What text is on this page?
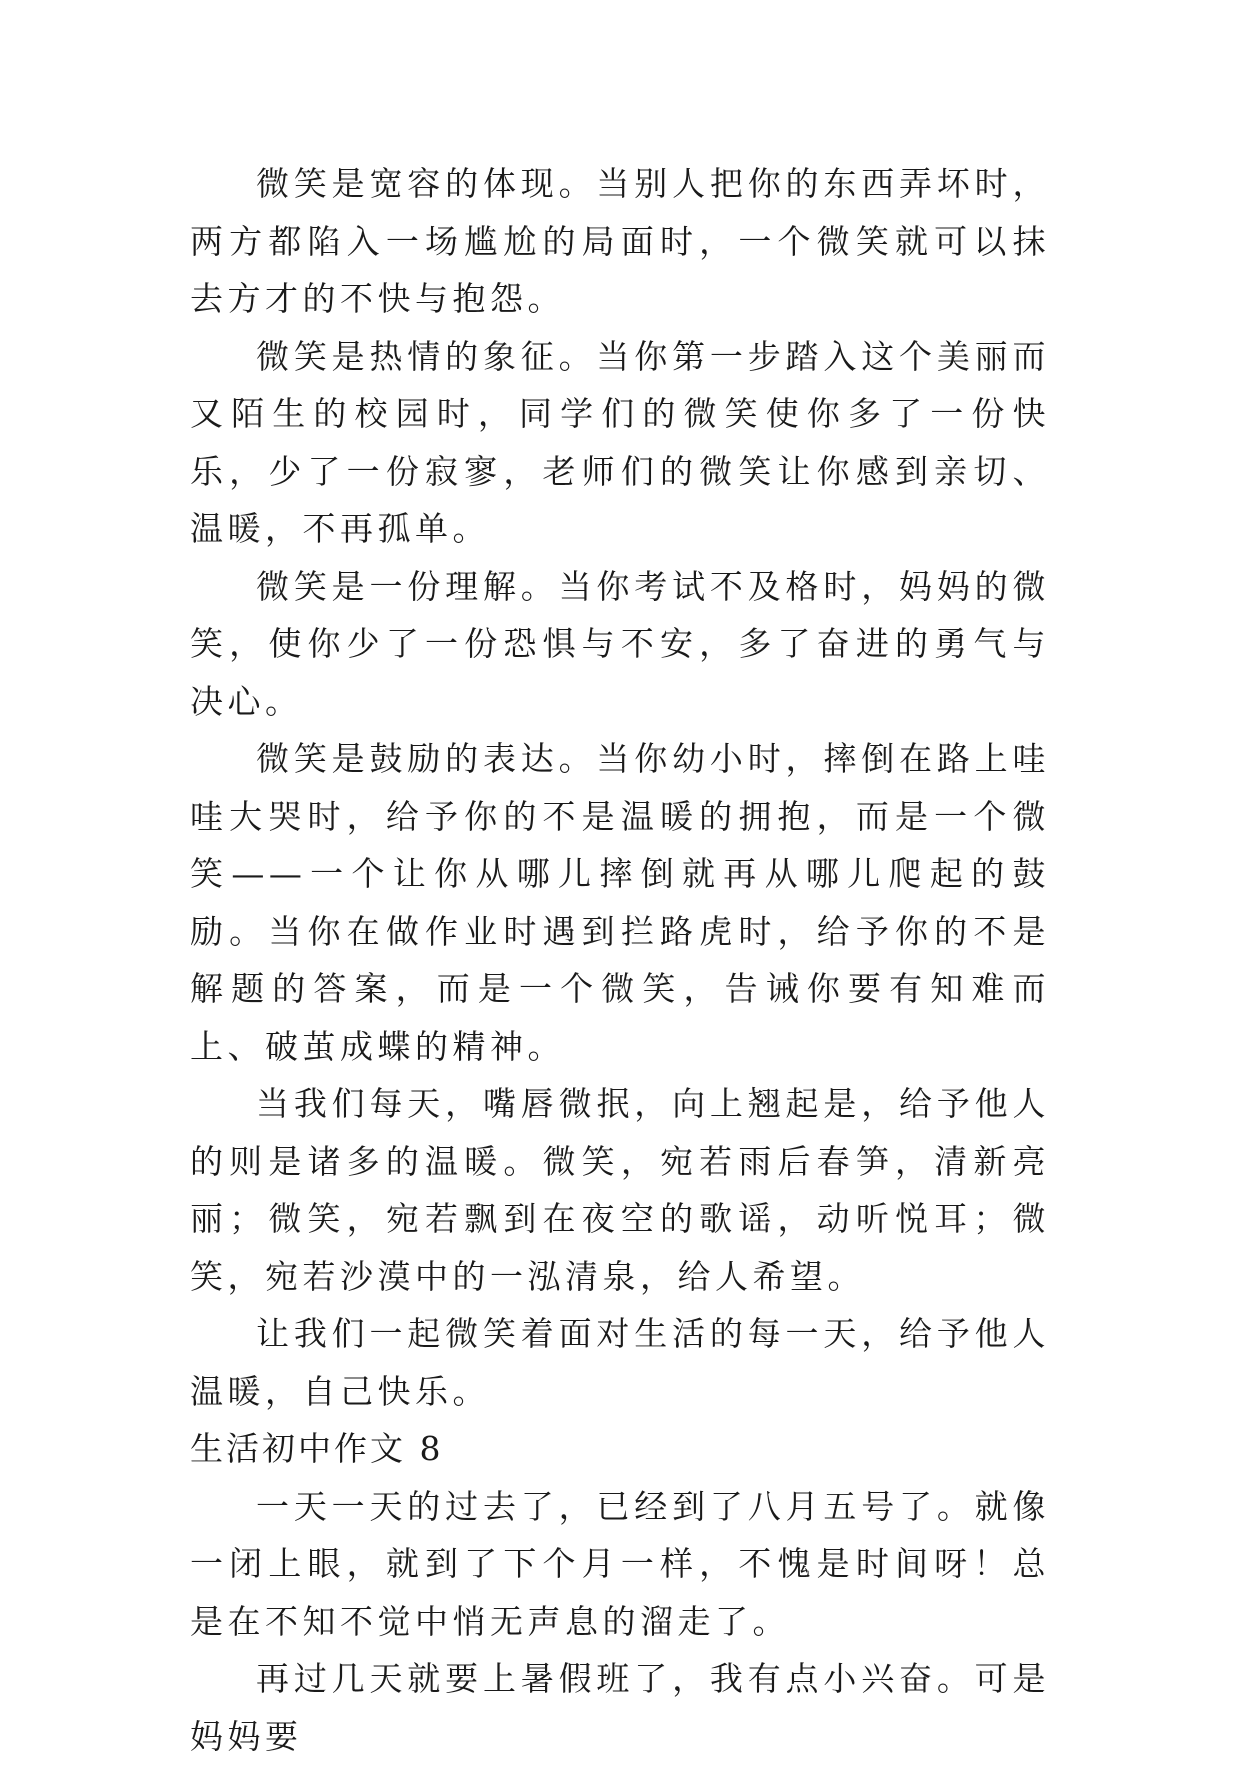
微笑是宽容的体现。当别人把你的东西弄坏时，两方都陷入一场尴尬的局面时，一个微笑就可以抹去方才的不快与抱怨。

微笑是热情的象征。当你第一步踏入这个美丽而又陌生的校园时，同学们的微笑使你多了一份快乐，少了一份寂寥，老师们的微笑让你感到亲切、温暖，不再孤单。

微笑是一份理解。当你考试不及格时，妈妈的微笑，使你少了一份恐惧与不安，多了奋进的勇气与决心。

微笑是鼓励的表达。当你幼小时，摔倒在路上哇哇大哭时，给予你的不是温暖的拥抱，而是一个微笑——一个让你从哪儿摔倒就再从哪儿爬起的鼓励。当你在做作业时遇到拦路虎时，给予你的不是解题的答案，而是一个微笑，告诫你要有知难而上、破茧成蝶的精神。

当我们每天，嘴唇微抿，向上翘起是，给予他人的则是诸多的温暖。微笑，宛若雨后春笋，清新亮丽；微笑，宛若飘到在夜空的歌谣，动听悦耳；微笑，宛若沙漠中的一泓清泉，给人希望。

让我们一起微笑着面对生活的每一天，给予他人温暖，自己快乐。

生活初中作文 8

一天一天的过去了，已经到了八月五号了。就像一闭上眼，就到了下个月一样，不愧是时间呀！总是在不知不觉中悄无声息的溜走了。

再过几天就要上暑假班了，我有点小兴奋。可是妈妈要
